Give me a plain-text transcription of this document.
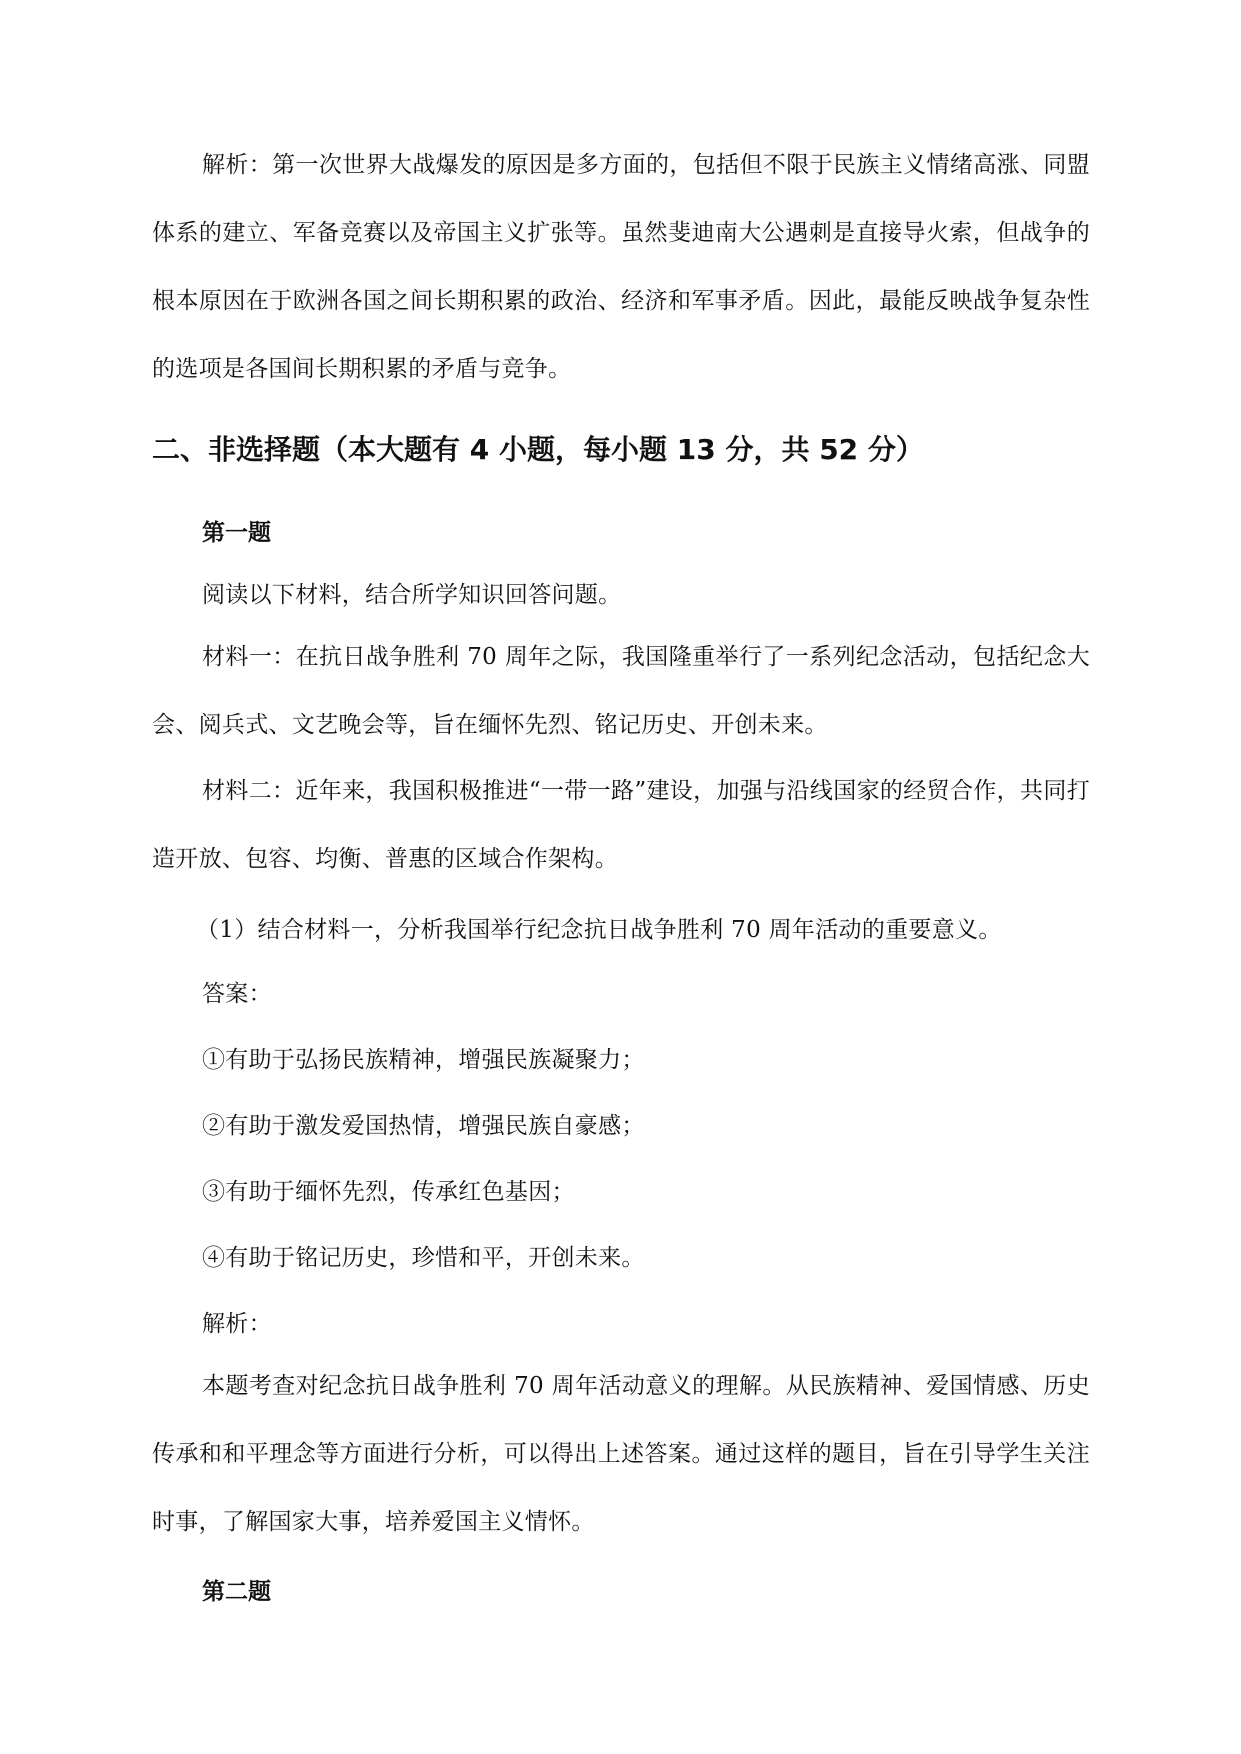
解析：第一次世界大战爆发的原因是多方面的，包括但不限于民族主义情绪高涨、同盟体系的建立、军备竞赛以及帝国主义扩张等。虽然斐迪南大公遇刺是直接导火索，但战争的根本原因在于欧洲各国之间长期积累的政治、经济和军事矛盾。因此，最能反映战争复杂性的选项是各国间长期积累的矛盾与竞争。

二、非选择题（本大题有 4 小题，每小题 13 分，共 52 分）
第一题

阅读以下材料，结合所学知识回答问题。

材料一：在抗日战争胜利 70 周年之际，我国隆重举行了一系列纪念活动，包括纪念大会、阅兵式、文艺晚会等，旨在缅怀先烈、铭记历史、开创未来。

材料二：近年来，我国积极推进“一带一路”建设，加强与沿线国家的经贸合作，共同打造开放、包容、均衡、普惠的区域合作架构。

（1）结合材料一，分析我国举行纪念抗日战争胜利 70 周年活动的重要意义。

答案：

①有助于弘扬民族精神，增强民族凝聚力；

②有助于激发爱国热情，增强民族自豪感；

③有助于缅怀先烈，传承红色基因；

④有助于铭记历史，珍惜和平，开创未来。

解析：

本题考查对纪念抗日战争胜利 70 周年活动意义的理解。从民族精神、爱国情感、历史传承和和平理念等方面进行分析，可以得出上述答案。通过这样的题目，旨在引导学生关注时事，了解国家大事，培养爱国主义情怀。

第二题
